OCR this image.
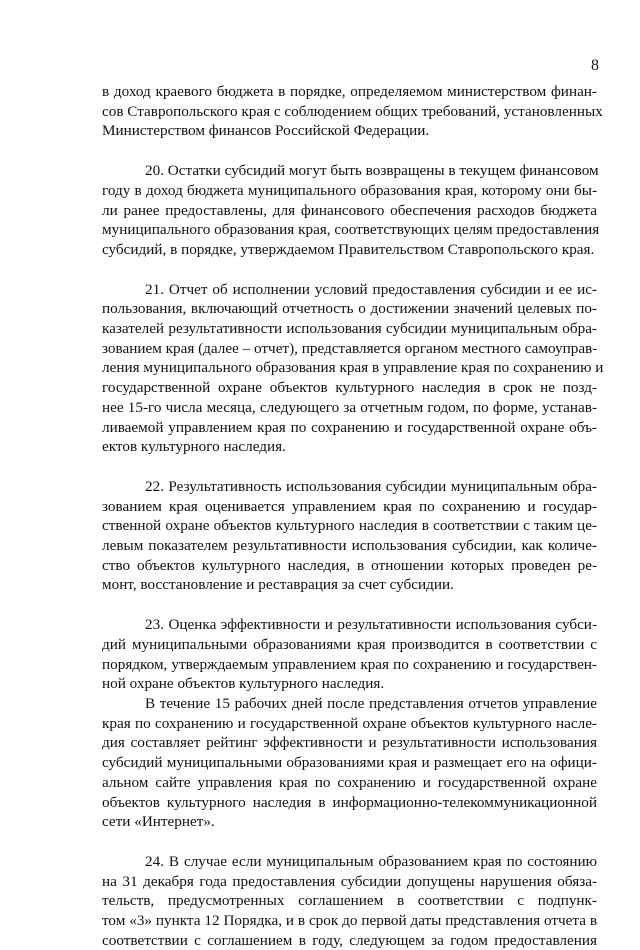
8
в доход краевого бюджета в порядке, определяемом министерством финан-
сов Ставропольского края с соблюдением общих требований, установленных
Министерством финансов Российской Федерации.
20. Остатки субсидий могут быть возвращены в текущем финансовом
году в доход бюджета муниципального образования края, которому они бы-
ли ранее предоставлены, для финансового обеспечения расходов бюджета
муниципального образования края, соответствующих целям предоставления
субсидий, в порядке, утверждаемом Правительством Ставропольского края.
21. Отчет об исполнении условий предоставления субсидии и ее ис-
пользования, включающий отчетность о достижении значений целевых по-
казателей результативности использования субсидии муниципальным обра-
зованием края (далее – отчет), представляется органом местного самоуправ-
ления муниципального образования края в управление края по сохранению и
государственной охране объектов культурного наследия в срок не позд-
нее 15-го числа месяца, следующего за отчетным годом, по форме, устанав-
ливаемой управлением края по сохранению и государственной охране объ-
ектов культурного наследия.
22. Результативность использования субсидии муниципальным обра-
зованием края оценивается управлением края по сохранению и государ-
ственной охране объектов культурного наследия в соответствии с таким це-
левым показателем результативности использования субсидии, как количе-
ство объектов культурного наследия, в отношении которых проведен ре-
монт, восстановление и реставрация за счет субсидии.
23. Оценка эффективности и результативности использования субси-
дий муниципальными образованиями края производится в соответствии с
порядком, утверждаемым управлением края по сохранению и государствен-
ной охране объектов культурного наследия.
В течение 15 рабочих дней после представления отчетов управление
края по сохранению и государственной охране объектов культурного насле-
дия составляет рейтинг эффективности и результативности использования
субсидий муниципальными образованиями края и размещает его на офици-
альном сайте управления края по сохранению и государственной охране
объектов культурного наследия в информационно-телекоммуникационной
сети «Интернет».
24. В случае если муниципальным образованием края по состоянию
на 31 декабря года предоставления субсидии допущены нарушения обяза-
тельств, предусмотренных соглашением в соответствии с подпунк-
том «3» пункта 12 Порядка, и в срок до первой даты представления отчета в
соответствии с соглашением в году, следующем за годом предоставления
